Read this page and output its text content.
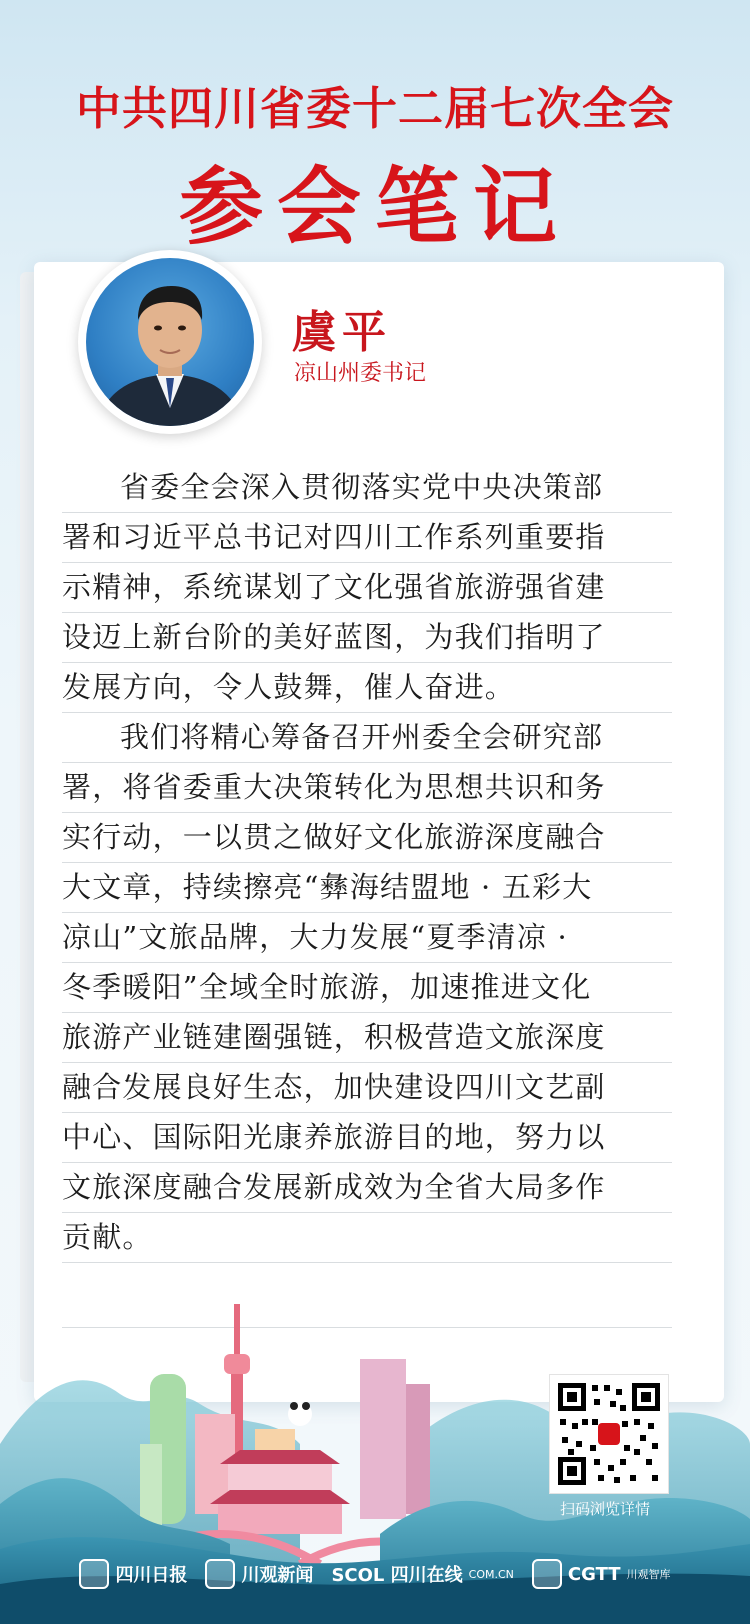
中共四川省委十二届七次全会
参会笔记
虞平
凉山州委书记
省委全会深入贯彻落实党中央决策部
署和习近平总书记对四川工作系列重要指
示精神，系统谋划了文化强省旅游强省建
设迈上新台阶的美好蓝图，为我们指明了
发展方向，令人鼓舞，催人奋进。
我们将精心筹备召开州委全会研究部
署，将省委重大决策转化为思想共识和务
实行动，一以贯之做好文化旅游深度融合
大文章，持续擦亮“彝海结盟地 · 五彩大
凉山”文旅品牌，大力发展“夏季清凉 ·
冬季暖阳”全域全时旅游，加速推进文化
旅游产业链建圈强链，积极营造文旅深度
融合发展良好生态，加快建设四川文艺副
中心、国际阳光康养旅游目的地，努力以
文旅深度融合发展新成效为全省大局多作
贡献。
扫码浏览详情
四川日报	川观新闻 SCOL 四川在线 COM.CN	CGTT 川观智库
